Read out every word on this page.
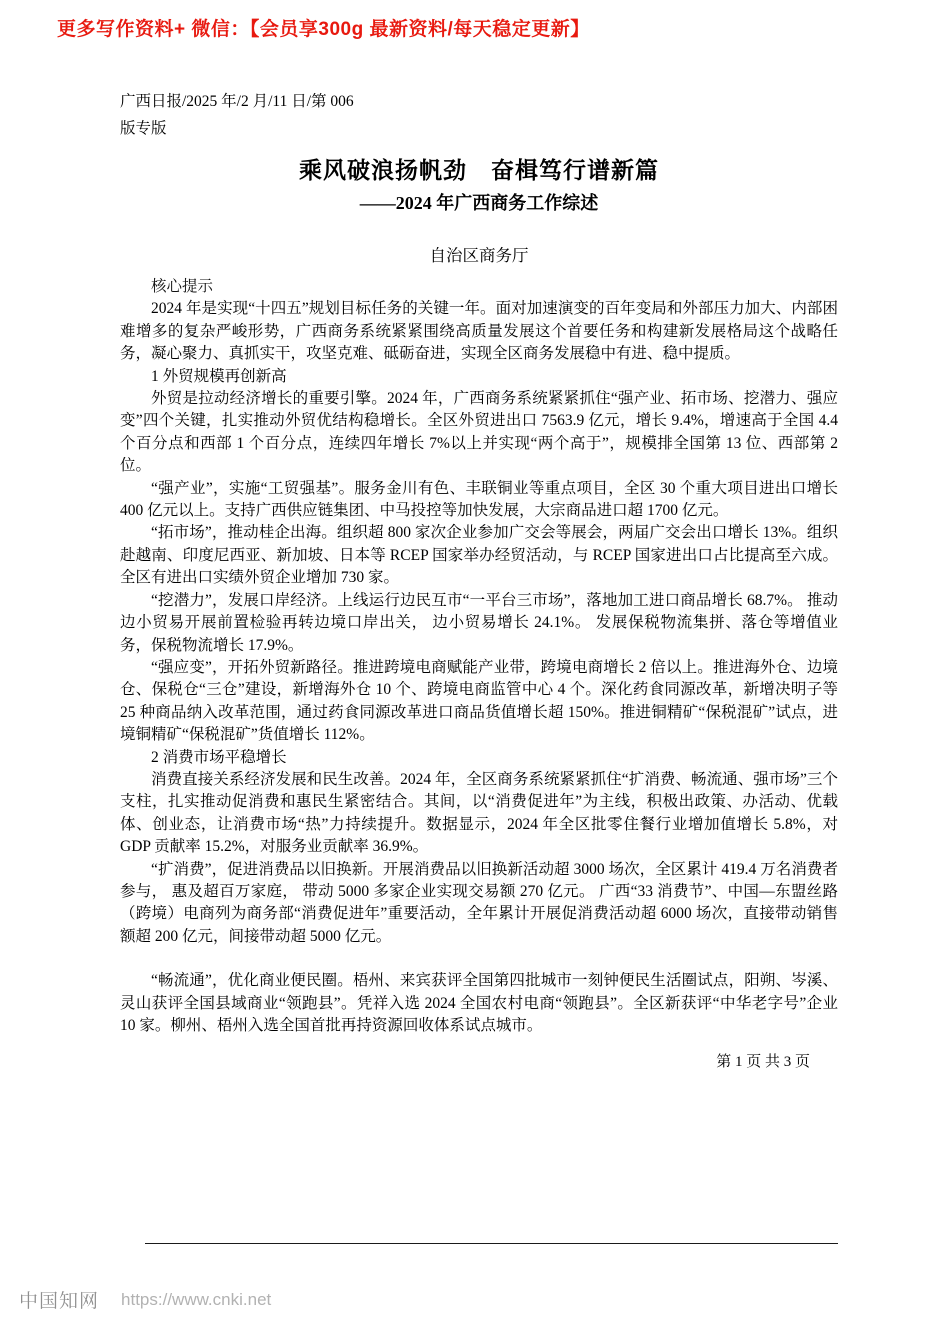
更多写作资料+ 微信：【会员享300g 最新资料/每天稳定更新】
广西日报/2025 年/2 月/11 日/第 006
版专版
乘风破浪扬帆劲　奋楫笃行谱新篇
——2024 年广西商务工作综述
自治区商务厅

核心提示

2024 年是实现“十四五”规划目标任务的关键一年。面对加速演变的百年变局和外部压力加大、内部困难增多的复杂严峻形势，广西商务系统紧紧围绕高质量发展这个首要任务和构建新发展格局这个战略任务，凝心聚力、真抓实干，攻坚克难、砥砺奋进，实现全区商务发展稳中有进、稳中提质。

1 外贸规模再创新高

外贸是拉动经济增长的重要引擎。2024 年，广西商务系统紧紧抓住“强产业、拓市场、挖潜力、强应变”四个关键，扎实推动外贸优结构稳增长。全区外贸进出口 7563.9 亿元，增长 9.4%，增速高于全国 4.4 个百分点和西部 1 个百分点，连续四年增长 7%以上并实现“两个高于”，规模排全国第 13 位、西部第 2 位。

“强产业”，实施“工贸强基”。服务金川有色、丰联铜业等重点项目，全区 30 个重大项目进出口增长 400 亿元以上。支持广西供应链集团、中马投控等加快发展，大宗商品进口超 1700 亿元。

“拓市场”，推动桂企出海。组织超 800 家次企业参加广交会等展会，两届广交会出口增长 13%。组织赴越南、印度尼西亚、新加坡、日本等 RCEP 国家举办经贸活动，与 RCEP 国家进出口占比提高至六成。全区有进出口实绩外贸企业增加 730 家。

“挖潜力”，发展口岸经济。上线运行边民互市“一平台三市场”，落地加工进口商品增长 68.7%。 推动边小贸易开展前置检验再转边境口岸出关， 边小贸易增长 24.1%。 发展保税物流集拼、落仓等增值业务，保税物流增长 17.9%。

“强应变”，开拓外贸新路径。推进跨境电商赋能产业带，跨境电商增长 2 倍以上。推进海外仓、边境仓、保税仓“三仓”建设，新增海外仓 10 个、跨境电商监管中心 4 个。深化药食同源改革，新增决明子等 25 种商品纳入改革范围，通过药食同源改革进口商品货值增长超 150%。推进铜精矿“保税混矿”试点，进境铜精矿“保税混矿”货值增长 112%。

2 消费市场平稳增长

消费直接关系经济发展和民生改善。2024 年，全区商务系统紧紧抓住“扩消费、畅流通、强市场”三个支柱，扎实推动促消费和惠民生紧密结合。其间，以“消费促进年”为主线，积极出政策、办活动、优载体、创业态，让消费市场“热”力持续提升。数据显示，2024 年全区批零住餐行业增加值增长 5.8%，对 GDP 贡献率 15.2%，对服务业贡献率 36.9%。

“扩消费”，促进消费品以旧换新。开展消费品以旧换新活动超 3000 场次，全区累计 419.4 万名消费者参与， 惠及超百万家庭， 带动 5000 多家企业实现交易额 270 亿元。 广西“33 消费节”、中国—东盟丝路（跨境）电商列为商务部“消费促进年”重要活动，全年累计开展促消费活动超 6000 场次，直接带动销售额超 200 亿元，间接带动超 5000 亿元。

“畅流通”，优化商业便民圈。梧州、来宾获评全国第四批城市一刻钟便民生活圈试点，阳朔、岑溪、灵山获评全国县域商业“领跑县”。凭祥入选 2024 全国农村电商“领跑县”。全区新获评“中华老字号”企业 10 家。柳州、梧州入选全国首批再持资源回收体系试点城市。

第 1 页 共 3 页
中国知网 https://www.cnki.net
